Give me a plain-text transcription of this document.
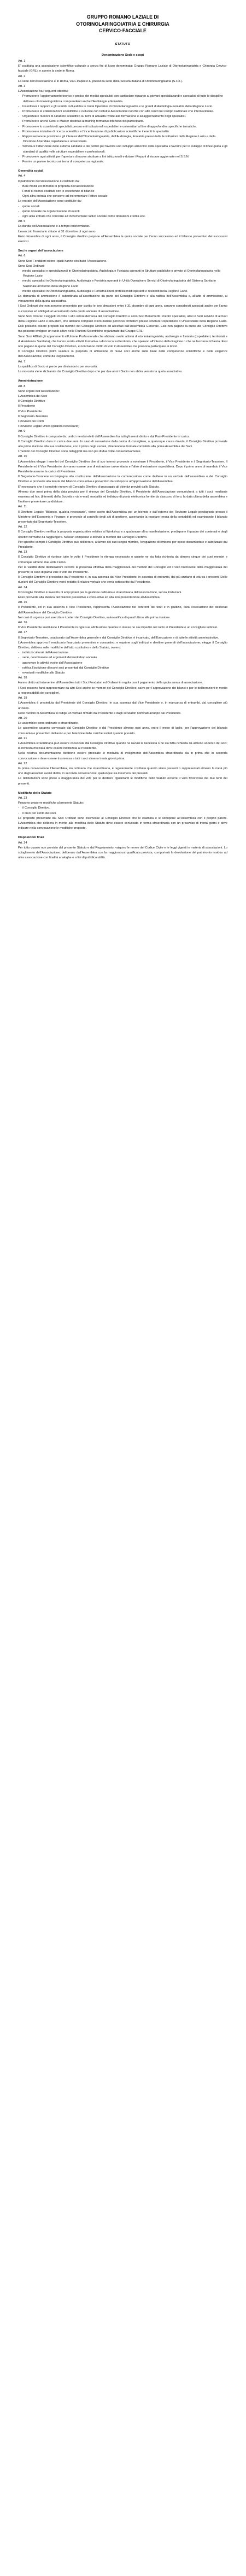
GRUPPO ROMANO LAZIALE DI
OTORINOLARINGOIATRIA E CHIRURGIA
CERVICO-FACCIALE
STATUTO
Denominazione Sede e scopi

Art. 1

E’ costituita una associazione scientifico-culturale a senza fini di lucro denominata: Gruppo Romano Laziale di Otorinolaringoiatria e Chirurgia Cervico-facciale (GRL), e avente la sede in Roma.

Art. 2

La sede dell’Associazione è in Roma, via L.Papini n.6, presso la sede della Società Italiana di Otorinolaringoiatria (S.I.O.).

Art. 3

L’Associazione ha i seguenti obiettivi:

- Promuovere l’aggiornamento teorico e pratico dei medici specialisti con particolare riguardo ai giovani specializzandi e specialisti di tutte le discipline dell’area otorinolaringoiatrica comprendenti anche l’Audiologia e Foniatria.
- Incentivare i rapporti e gli scambi culturali tra le Unità Operative di Otorinolaringoiatria e le grandi di Audiologia-Foniatria della Regione Lazio.
- Promuovere le collaborazioni scientifiche e culturale con Istituti e Associazioni nonché con altri centri nel campo nazionale che internazionale.
- Organizzare riunioni di carattere scientifico su temi di attualità rivolte alla formazione e all’aggiornamento degli specialisti.
- Promuovere anche Corsi e Master destinati al training formativo intensivo dei partecipanti.
- Promuovere lo scambio di specialisti presso enti istituzionali ospedalieri e universitari al fine di approfondire specifiche tematiche.
- Promuovere iniziative di ricerca scientifica e l’incentivazione di pubblicazioni scientifiche inerenti la specialità.
- Rappresentare le posizioni e gli interessi dell’Otorinolaringoiatria, dell’Audiologia, Foniatria presso tutte le istituzioni della Regione Lazio e della Direzione Aziendale ospedaliera e universitaria.
- Stimolare l’attenzione delle autorità sanitarie e dei politici per favorire uno sviluppo armonico della specialità e favorire per lo sviluppo di linee guida e gli standard di qualità nelle strutture ospedaliere e professionali.
- Promuovere ogni attività per l’apertura di nuove strutture a fini istituzionali e dotare i Reparti di risorse aggiornate nel S.S.N.
- Fornire un parere tecnico sul tema di competenza regionale.

Generalità sociali

Art. 4

Il patrimonio dell’Associazione è costituito da:

- Beni mobili ed immobili di proprietà dell’associazione
- Fondi di riserva costituiti con le eccedenze di bilancio
- Ogni altra entrata che concorre ad incrementare l’attivo sociale.

Le entrate dell’Associazione sono costituite da:

- quote sociali
- quote ricavate da organizzazione di eventi
- ogni altra entrata che concorre ad incrementare l’attivo sociale come donazioni eredità ecc.

Art. 5

La durata dell’Associazione è a tempo indeterminato.

L’esercizio finanziario chiude al 31 dicembre di ogni anno.

Entro Novembre di ogni anno, il Consiglio direttivo propone all’Assemblea la quota sociale per l’anno successivo ed il bilancio preventivo dei successivi esercizi.

Soci e organi dell’associazione

Art. 6

Sono Soci Fondatori coloro i quali hanno costituito l’Associazione.

Sono Soci Ordinari:

- medici specialisti e specializzandi in Otorinolaringoiatria, Audiologia e Foniatria operanti in Strutture pubbliche o private di Otorinolaringoiatria nella Regione Lazio
- medici specialisti in Otorinolaringoiatria, Audiologia e Foniatria operanti in Unità Operative o Servizi di Otorinolaringoiatria del Sistema Sanitario Nazionale all’interno della Regione Lazio
- medici specialisti in Otorinolaringoiatria, Audiologia e Foniatria liberi-professionisti operanti e residenti nella Regione Lazio.

La domanda di ammissione è subordinata all’accettazione da parte del Consiglio Direttivo e alla ratifica dell’Assemblea e, all’atto di ammissione, al versamento della quota associativa.

I Soci Ordinari che non avranno presentato per iscritto le loro dimissioni entro il 31 dicembre di ogni anno, saranno considerati associati anche per l’anno successivo ed obbligati al versamento della quota annuale di associazione.

Sono Soci Onorari i soggetti di colto o alto valore dell’area del Consiglio Direttivo e sono Soci Benemeriti i medici specialisti, attivi o fuori servizio di al fuori della Regione Lazio e all’Estero, che abbiano compiuto il loro iniziale percorso formativo presso strutture Ospedaliere o Universitarie della Regione Lazio. Essi possono essere proposti dai membri del Consiglio Direttivo ed accettati dall’Assemblea Generale. Essi non pagano la quota del Consiglio Direttivo ma possono svolgere un ruolo attivo nelle Riunioni Scientifiche organizzate dal Gruppo GRL.

Sono Soci Affiliati gli appartenenti all’Unione Professionale che abbiano svolto attività di otorinolaringoiatria, audiologia e foniatria (ospedalieri, territoriali e di Assistenza Sanitaria), che hanno svolto attività formativa o di ricerca sul territorio, che operano all’interno della Regione o che ne facciano richiesta. Essi non pagano le quote del Consiglio Direttivo, e non hanno diritto di voto in Assemblea ma possono partecipare ai lavori.

Il Consiglio Direttivo potrà valutare la proposta di affiliazione di nuovi soci anche sulla base delle competenze scientifiche e delle esigenze dell’Associazione, come da Regolamento.

Art. 7

La qualifica di Socio si perde per dimissioni o per morosità.

La morosità viene dichiarata dal Consiglio Direttivo dopo che per due anni il Socio non abbia versato la quota associativa.

Amministrazione

Art. 8

Sono organi dell’Associazione:

L’Assemblea dei Soci
Il Consiglio Direttivo
Il Presidente
Il Vice Presidente
Il Segretario-Tesoriere
I Revisori dei Conti
I Revisore Legale Unico (qualora necessario)

Art. 9

Il Consiglio Direttivo è composto da: undici membri eletti dall’Assemblea fra tutti gli aventi diritto e dal Past-Presidente in carica.

Il Consiglio Direttivo dura in carica due anni. In caso di cessazione dalla carica di consigliere, a qualunque causa dovuta, il Consiglio Direttivo provvede alla prima riunione alla sua sostituzione, con il primo degli esclusi, chiedendone formale convalida alla prima Assemblea dei Soci.

I membri del Consiglio Direttivo sono rieleggibili ma non più di due volte consecutivamente.

Art. 10

L’Assemblea elegge i membri del Consiglio Direttivo che al suo interno provvede a nominare il Presidente, il Vice Presidente e il Segretario-Tesoriere. Il Presidente ed il Vice Presidente dovranno essere uno di estrazione universitaria e l’altro di estrazione ospedaliera. Dopo il primo anno di mandato il Vice Presidente assume la carica di Presidente.

Il Segretario-Tesoriere accompagna alla costituzione dell’Associazione la comunicazione come delibere in un verbale dell’assemblea e del Consiglio Direttivo e provvede alla tenuta del bilancio consuntivo e preventivo da sottoporre all’approvazione dell’Assemblea.

E’ necessario che il completo rinnovo di Consiglio Direttivo di passaggio gli obiettivi previsti dallo Statuto.

Almeno due mesi prima della data prevista per il rinnovo del Consiglio Direttivo, il Presidente dell’Associazione comunicherà a tutti i soci, mediante esamina ad hoc (Internet) della Società e via e-mail, modalità ed indirizzo di posta elettronica fornite da ciascuno di loro, la data ultima della assemblea e l’inoltro e presentare candidature.

Art. 11

Il Direttore Legale: “Bilancio, qualora necessario”, viene scelto dall’Assemblea per un biennio e dall’esterno del Revisore Legale predisposto presso il Ministero dell’Economia e Finanze; e provvede al controllo degli atti di gestione, accertando la regolare tenuta della contabilità ed esaminando il bilancio presentato dal Segretario-Tesoriere.

Art. 12

Il Consiglio Direttivo verifica la proposta organizzativa relativa al Workshop e a qualunque altra manifestazione; predispone il quadro dei contenuti e degli obiettivi formativi da raggiungere. Nessun compenso è dovuto ai membri del Consiglio Direttivo.

Per specifici compiti il Consiglio Direttivo può deliberare, a favore dei suoi singoli membri, l’erogazione di rimborsi per spese documentate e autorizzate dal Presidente.

Art. 13

Il Consiglio Direttivo si riunisce tutte le volte il Presidente lo ritenga necessario o quanto ne sia fatta richiesta da almeno cinque dei suoi membri e comunque almeno due volte l’anno.

Per la validità delle deliberazioni occorre la presenza effettiva della maggioranza dei membri del Consiglio ed il voto favorevole della maggioranza dei presenti; in caso di parità vale il voto del Presidente.

Il Consiglio Direttivo è presieduto dal Presidente o, in sua assenza dal Vice Presidente, in assenza di entrambi, dal più anziano di età tra i presenti. Delle riunioni del Consiglio Direttivo verrà redatto il relativo verbale che verrà sottoscritto dal Presidente.

Art. 14

Il Consiglio Direttivo è investito di ampi poteri per la gestione ordinaria e straordinaria dell’associazione, senza limitazioni.

Esso provvede alla stesura del bilancio preventivo e consuntivo ed alla loro presentazione all’Assemblea.

Art. 15

Il Presidente, ed in sua assenza il Vice Presidente, rappresenta l’Associazione nei confronti dei terzi e in giudizio, cura l’esecuzione dei deliberati dell’Assemblea e del Consiglio Direttivo.

Nei casi di urgenza può esercitare i poteri del Consiglio Direttivo, salvo ratifica di quest’ultimo alla prima riunione.

Art. 16

Il Vice Presidente sostituisce il Presidente in ogni sua attribuzione qualora lo stesso ne sia impedito nel ruolo al Presidente o un consigliere indicato.

Art. 17

Il Segretario-Tesoriere, coadiuvato dall’Assemblea generale e dal Consiglio Direttivo, è incaricato, dell’Esecuzione e di tutte le attività amministrative.

L’Assemblea approva il rendiconto finanziario preventivo e consuntivo, e esprime sugli indirizzi e direttive generali dell’associazione; elegge il Consiglio Direttivo, delibera sulle modifiche dell’atto costitutivo e dello Statuto, ovvero:

- indirizzi culturali dell’Associazione
- sede, coordinatore ed argomenti del workshop annuale
- approvare le attività svolte dall’Associazione
- ratifica l’iscrizione di nuovi soci presentati dal Consiglio Direttivo
- eventuali modifiche allo Statuto

Art. 18

Hanno diritto ad intervenire all’Assemblea tutti i Soci Fondatori ed Ordinari in regola con il pagamento della quota annua di associazione.

I Soci possono farsi rappresentare da altri Soci anche se membri del Consiglio Direttivo, salvo per l’approvazione dei bilanci e per le deliberazioni in merito a responsabilità dei consiglieri.

Art. 19

L’Assemblea è presieduta dal Presidente del Consiglio Direttivo, in sua assenza dal Vice Presidente o, in mancanza di entrambi, dal consigliere più anziano.

Delle riunioni di Assemblea si redige un verbale firmato dal Presidente e dagli scrutatori nominati all’uopo dal Presidente.

Art. 20

Le assemblee sono ordinarie o straordinarie.

Le assemblee saranno convocate dal Consiglio Direttivo o dal Presidente almeno ogni anno, entro il mese di luglio, per l’approvazione del bilancio consuntivo e preventivo dell’anno e per l’elezione delle cariche sociali quando previsto.

Art. 21

L’Assemblea straordinaria può essere convocata dal Consiglio Direttivo quando ne ravvisi la necessità o ne sia fatta richiesta da almeno un terzo dei soci; la richiesta motivata deve essere indirizzata al Presidente.

Nella relativa documentazione debbono essere precisate le modalità di svolgimento dell’Assemblea straordinaria sia in prima che in seconda convocazione e deve essere trasmessa a tutti i soci almeno trenta giorni prima.

Art. 22

In prima convocazione l’Assemblea, sia ordinaria che straordinaria, è regolarmente costituita quando siano presenti o rappresentati almeno la metà più uno degli associati aventi diritto; in seconda convocazione, qualunque sia il numero dei presenti.

Le deliberazioni sono prese a maggioranza dei voti; per le delibere riguardanti le modifiche dello Statuto occorre il voto favorevole dei due terzi dei presenti.

Modifiche dello Statuto

Art. 23

Possono proporre modifiche al presente Statuto:

- il Consiglio Direttivo,
- il dieci per cento dei soci.

Le proposte presentate dai Soci Ordinari sono trasmesse al Consiglio Direttivo che le esamina e le sottopone all’Assemblea con il proprio parere. L’Assemblea che delibera in merito alla modifica dello Statuto deve essere convocata in forma straordinaria con un preavviso di trenta giorni e deve indicare nella convocazione le modifiche proposte.

Disposizioni finali

Art. 24

Per tutto quanto non previsto dal presente Statuto e dal Regolamento, valgono le norme del Codice Civile e le leggi vigenti in materia di associazioni. Lo scioglimento dell’Associazione, deliberato dall’Assemblea con la maggioranza qualificata prevista, comporterà la devoluzione del patrimonio residuo ad altra associazione con finalità analoghe o a fini di pubblica utilità.
